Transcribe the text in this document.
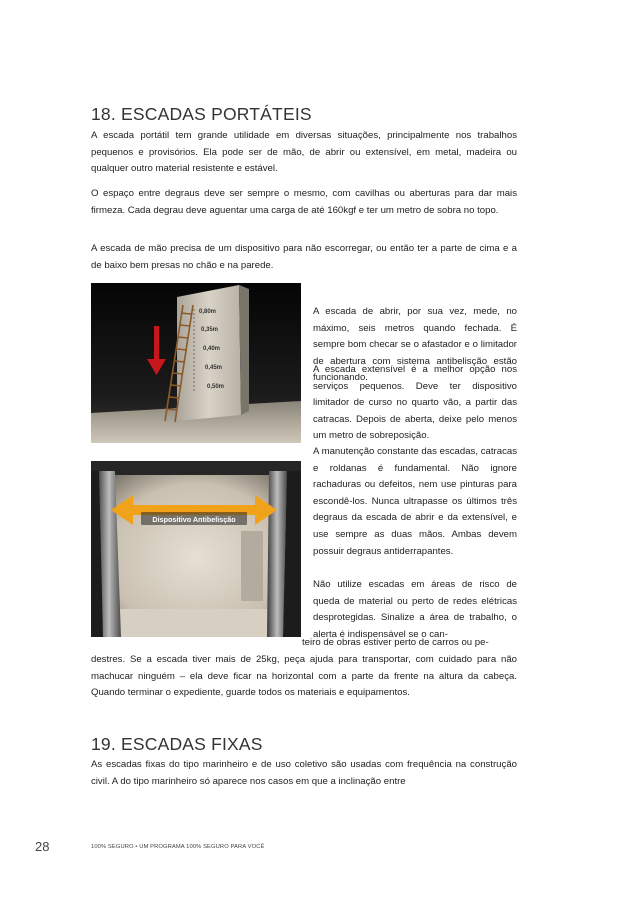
18. ESCADAS PORTÁTEIS

A escada portátil tem grande utilidade em diversas situações, principalmente nos trabalhos pequenos e provisórios. Ela pode ser de mão, de abrir ou extensível, em metal, madeira ou qualquer outro material resistente e estável.

O espaço entre degraus deve ser sempre o mesmo, com cavilhas ou aberturas para dar mais firmeza. Cada degrau deve aguentar uma carga de até 160kgf e ter um metro de sobra no topo.

A escada de mão precisa de um dispositivo para não escorregar, ou então ter a parte de cima e a de baixo bem presas no chão e na parede.

0,80m
0,35m
0,40m
0,45m
0,50m

A escada de abrir, por sua vez, mede, no máximo, seis metros quando fechada. É sempre bom checar se o afastador e o limitador de abertura com sistema antibelisção estão funcionando.

A escada extensível é a melhor opção nos serviços pequenos. Deve ter dispositivo limitador de curso no quarto vão, a partir das catracas. Depois de aberta, deixe pelo menos um metro de sobreposição.

Dispositivo Antibelisção

A manutenção constante das escadas, catracas e roldanas é fundamental. Não ignore rachaduras ou defeitos, nem use pinturas para escondê-los. Nunca ultrapasse os últimos três degraus da escada de abrir e da extensível, e use sempre as duas mãos. Ambas devem possuir degraus antiderrapantes.

Não utilize escadas em áreas de risco de queda de material ou perto de redes elétricas desprotegidas. Sinalize a área de trabalho, o alerta é indispensável se o can-

teiro de obras estiver perto de carros ou pe-

destres. Se a escada tiver mais de 25kg, peça ajuda para transportar, com cuidado para não machucar ninguém – ela deve ficar na horizontal com a parte da frente na altura da cabeça. Quando terminar o expediente, guarde todos os materiais e equipamentos.

19. ESCADAS FIXAS

As escadas fixas do tipo marinheiro e de uso coletivo são usadas com frequência na construção civil. A do tipo marinheiro só aparece nos casos em que a inclinação entre

28	100% SEGURO • UM PROGRAMA 100% SEGURO PARA VOCÊ
